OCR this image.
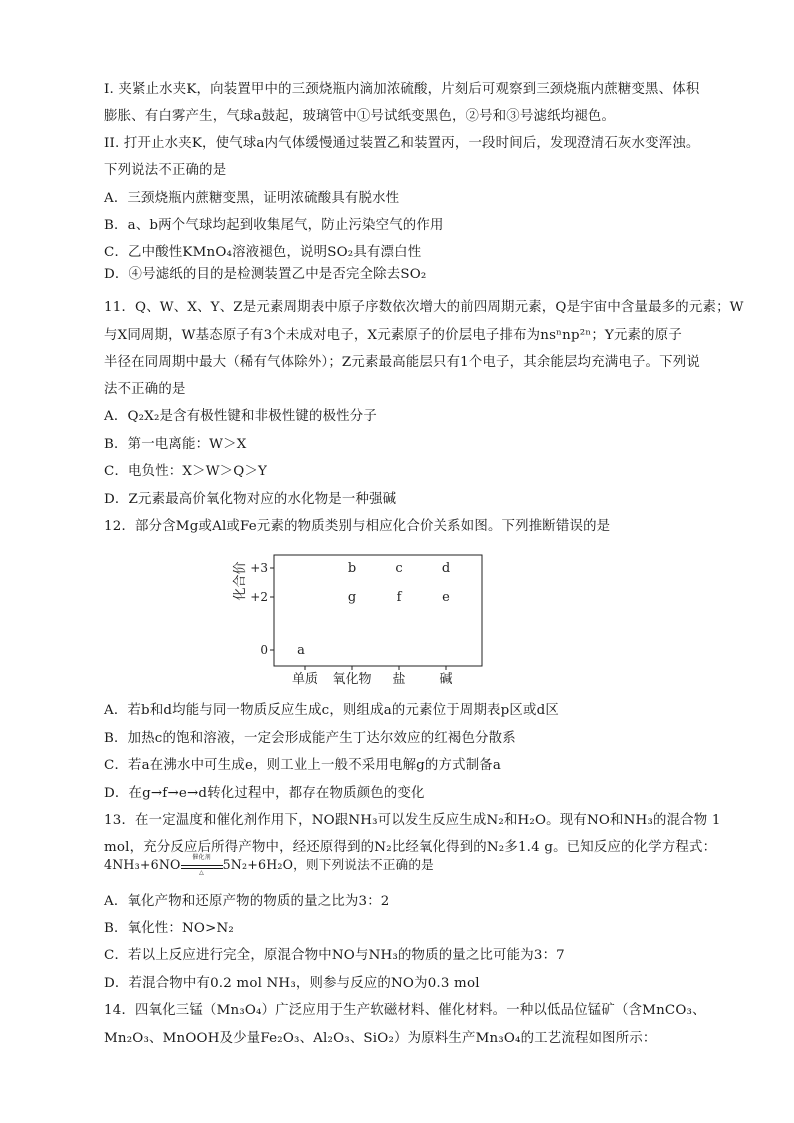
I. 夹紧止水夹K，向装置甲中的三颈烧瓶内滴加浓硫酸，片刻后可观察到三颈烧瓶内蔗糖变黑、体积
膨胀、有白雾产生，气球a鼓起，玻璃管中①号试纸变黑色，②号和③号滤纸均褪色。
II. 打开止水夹K，使气球a内气体缓慢通过装置乙和装置丙，一段时间后，发现澄清石灰水变浑浊。
下列说法不正确的是
A．三颈烧瓶内蔗糖变黑，证明浓硫酸具有脱水性
B．a、b两个气球均起到收集尾气，防止污染空气的作用
C．乙中酸性KMnO₄溶液褪色，说明SO₂具有漂白性
D．④号滤纸的目的是检测装置乙中是否完全除去SO₂
11．Q、W、X、Y、Z是元素周期表中原子序数依次增大的前四周期元素，Q是宇宙中含量最多的元素；W
与X同周期，W基态原子有3个未成对电子，X元素原子的价层电子排布为nsⁿnp²ⁿ；Y元素的原子
半径在同周期中最大（稀有气体除外）；Z元素最高能层只有1个电子，其余能层均充满电子。下列说
法不正确的是
A．Q₂X₂是含有极性键和非极性键的极性分子
B．第一电离能：W＞X
C．电负性：X＞W＞Q＞Y
D．Z元素最高价氧化物对应的水化物是一种强碱
12．部分含Mg或Al或Fe元素的物质类别与相应化合价关系如图。下列推断错误的是
+3
+2
0
化合价
单质 氧化物 盐	碱
a
b	c	d
g	f	e
A．若b和d均能与同一物质反应生成c，则组成a的元素位于周期表p区或d区
B．加热c的饱和溶液，一定会形成能产生丁达尔效应的红褐色分散系
C．若a在沸水中可生成e，则工业上一般不采用电解g的方式制备a
D．在g→f→e→d转化过程中，都存在物质颜色的变化
13．在一定温度和催化剂作用下，NO跟NH₃可以发生反应生成N₂和H₂O。现有NO和NH₃的混合物 1
mol，充分反应后所得产物中，经还原得到的N₂比经氧化得到的N₂多1.4 g。已知反应的化学方程式：
4NH₃+6NO	催化剂
△	5N₂+6H₂O，则下列说法不正确的是
A．氧化产物和还原产物的物质的量之比为3：2
B．氧化性：NO>N₂
C．若以上反应进行完全，原混合物中NO与NH₃的物质的量之比可能为3：7
D．若混合物中有0.2 mol NH₃，则参与反应的NO为0.3 mol
14．四氧化三锰（Mn₃O₄）广泛应用于生产软磁材料、催化材料。一种以低品位锰矿（含MnCO₃、
Mn₂O₃、MnOOH及少量Fe₂O₃、Al₂O₃、SiO₂）为原料生产Mn₃O₄的工艺流程如图所示：
